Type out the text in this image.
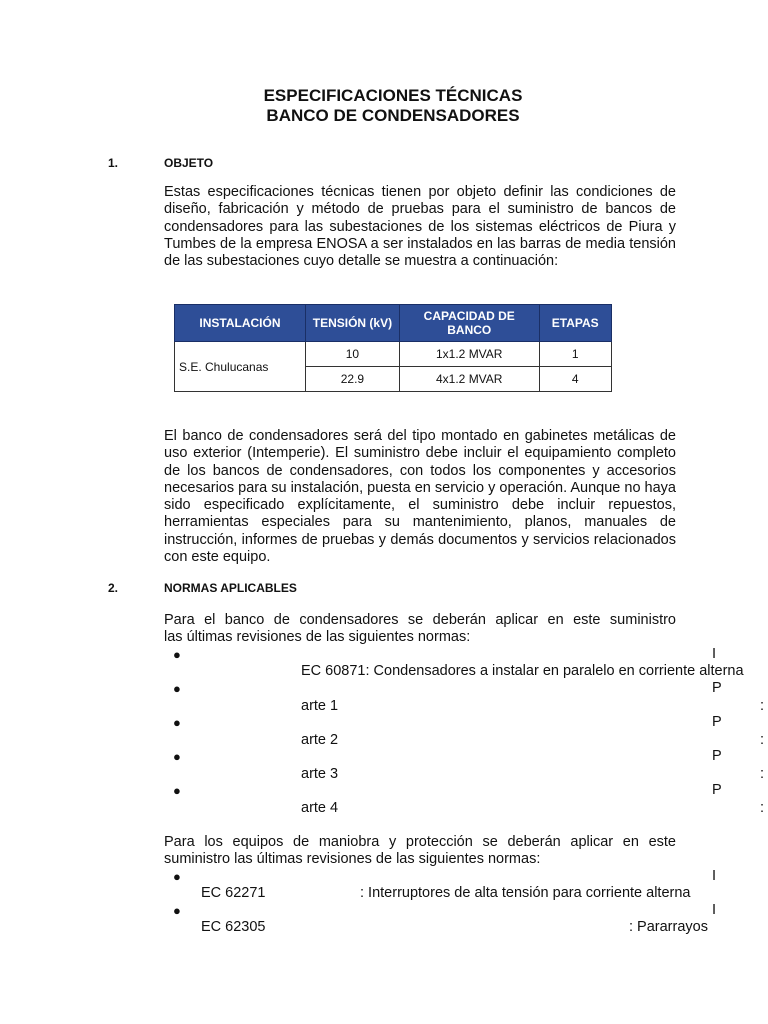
ESPECIFICACIONES TÉCNICAS
BANCO DE CONDENSADORES
1.	OBJETO
Estas especificaciones técnicas tienen por objeto definir las condiciones de diseño, fabricación y método de pruebas para el suministro de bancos de condensadores para las subestaciones de los sistemas eléctricos de Piura y Tumbes de la empresa ENOSA a ser instalados en las barras de media tensión de las subestaciones cuyo detalle se muestra a continuación:
INSTALACIÓN	TENSIÓN (kV)	CAPACIDAD DE BANCO	ETAPAS
S.E. Chulucanas	10	1x1.2 MVAR	1
	22.9	4x1.2 MVAR	4
El banco de condensadores será del tipo montado en gabinetes metálicas de uso exterior (Intemperie). El suministro debe incluir el equipamiento completo de los bancos de condensadores, con todos los componentes y accesorios necesarios para su instalación, puesta en servicio y operación. Aunque no haya sido especificado explícitamente, el suministro debe incluir repuestos, herramientas especiales para su mantenimiento, planos, manuales de instrucción, informes de pruebas y demás documentos y servicios relacionados con este equipo.
2.	NORMAS APLICABLES
Para el banco de condensadores se deberán aplicar en este suministro
las últimas revisiones de las siguientes normas:
●	I
EC 60871: Condensadores a instalar en paralelo en corriente alterna
●	P
arte 1	:
●	P
arte 2	:
●	P
arte 3	:
●	P
arte 4	:
Para los equipos de maniobra y protección se deberán aplicar en este
suministro las últimas revisiones de las siguientes normas:
●	I
EC 62271	: Interruptores de alta tensión para corriente alterna
●	I
EC 62305	: Pararrayos
